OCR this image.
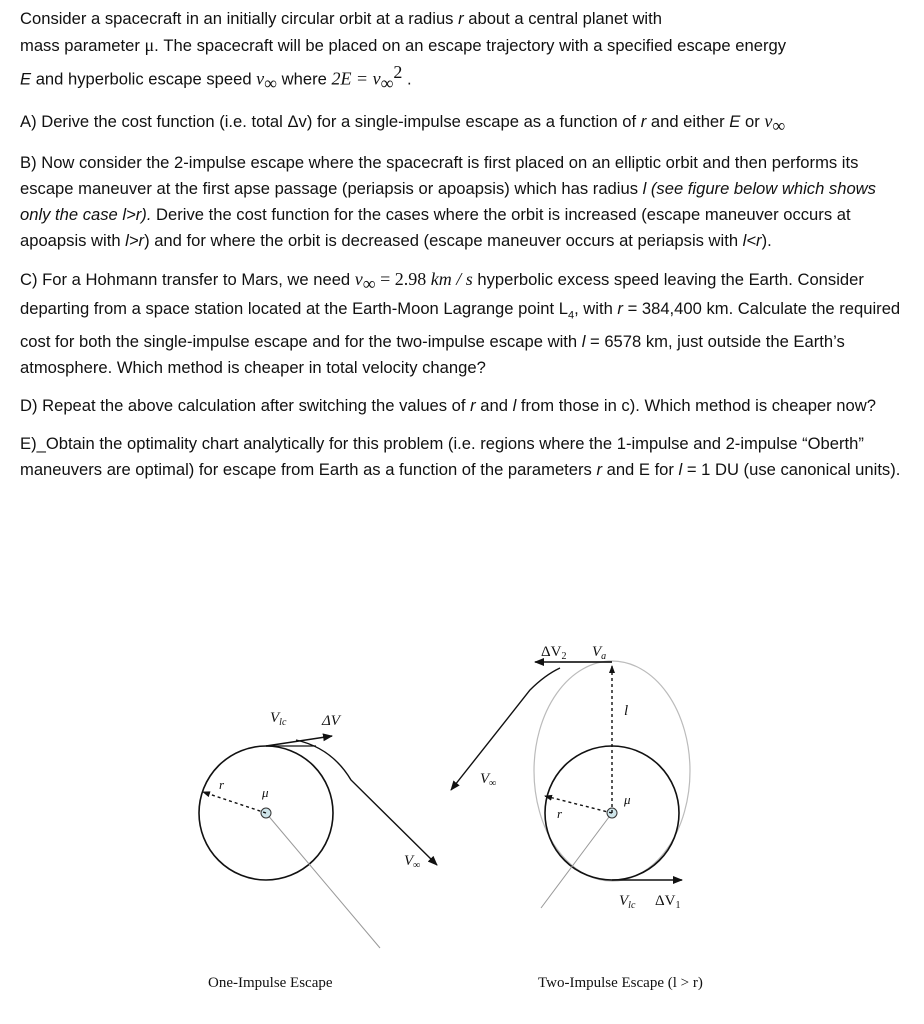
Consider a spacecraft in an initially circular orbit at a radius r about a central planet with
mass parameter μ. The spacecraft will be placed on an escape trajectory with a specified escape energy
E and hyperbolic escape speed $v_\infty$ where $2E = v_\infty^2$ .

A) Derive the cost function (i.e. total Δv) for a single-impulse escape as a function of r and either E or $v_\infty$

B) Now consider the 2-impulse escape where the spacecraft is first placed on an elliptic orbit and then performs its escape maneuver at the first apse passage (periapsis or apoapsis) which has radius l (see figure below which shows only the case l>r). Derive the cost function for the cases where the orbit is increased (escape maneuver occurs at apoapsis with l>r) and for where the orbit is decreased (escape maneuver occurs at periapsis with l<r).

C) For a Hohmann transfer to Mars, we need $v_\infty = 2.98$ km / s hyperbolic excess speed leaving the Earth. Consider departing from a space station located at the Earth-Moon Lagrange point $L_4$, with r = 384,400 km. Calculate the required cost for both the single-impulse escape and for the two-impulse escape with l = 6578 km, just outside the Earth’s atmosphere. Which method is cheaper in total velocity change?

D) Repeat the above calculation after switching the values of r and l from those in c). Which method is cheaper now?

E)_Obtain the optimality chart analytically for this problem (i.e. regions where the 1-impulse and 2-impulse “Oberth” maneuvers are optimal) for escape from Earth as a function of the parameters r and E for l = 1 DU (use canonical units).

$V_{lc}$ ΔV
r
μ
$V_\infty$
$\Delta V_2$ $V_a$
l
$V_\infty$
r
μ
$V_{lc}$ $\Delta V_1$
One-Impulse Escape	Two-Impulse Escape (l > r)
